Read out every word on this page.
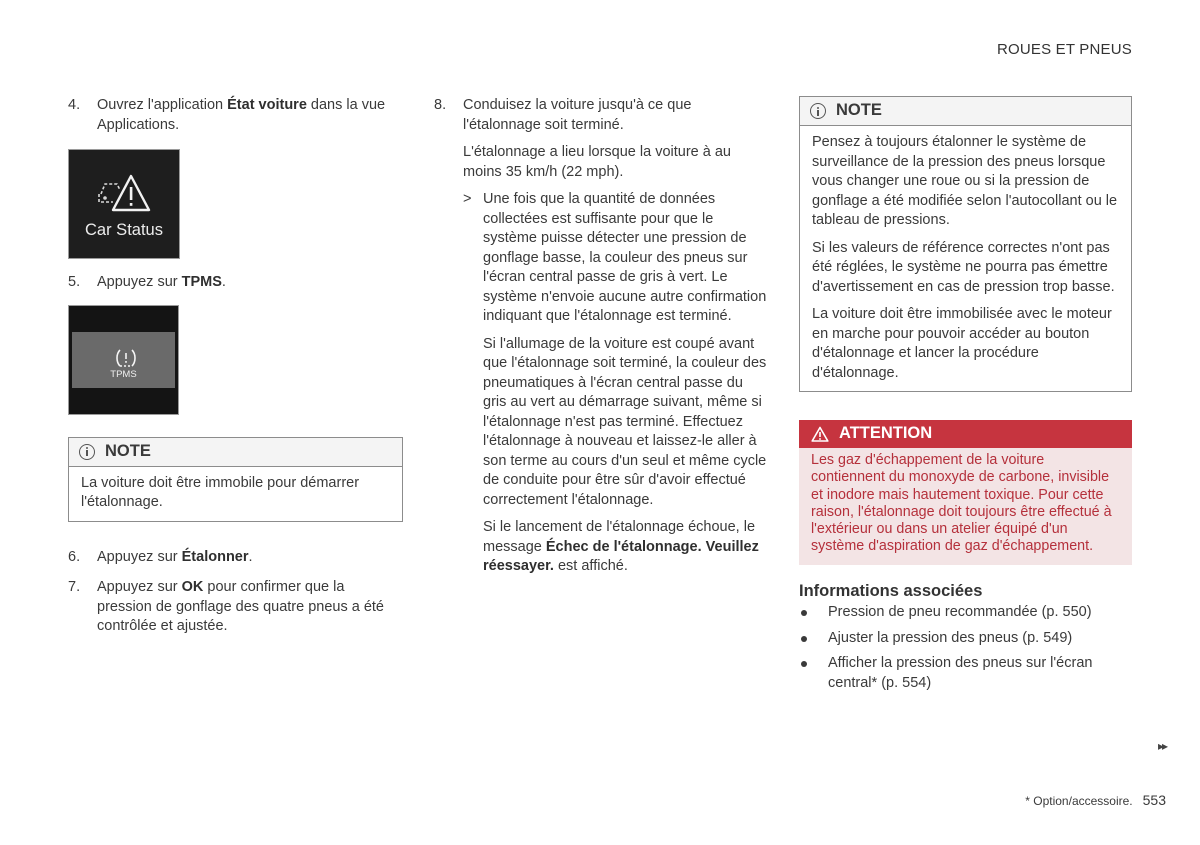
ROUES ET PNEUS
4. Ouvrez l'application État voiture dans la vue Applications.
Car Status
5. Appuyez sur TPMS.
TPMS
NOTE

La voiture doit être immobile pour démarrer l'étalonnage.

6. Appuyez sur Étalonner.
7. Appuyez sur OK pour confirmer que la pression de gonflage des quatre pneus a été contrôlée et ajustée.
8. Conduisez la voiture jusqu'à ce que l'étalonnage soit terminé.

L'étalonnage a lieu lorsque la voiture à au moins 35 km/h (22 mph).

> Une fois que la quantité de données collectées est suffisante pour que le système puisse détecter une pression de gonflage basse, la couleur des pneus sur l'écran central passe de gris à vert. Le système n'envoie aucune autre confirmation indiquant que l'étalonnage est terminé.

Si l'allumage de la voiture est coupé avant que l'étalonnage soit terminé, la couleur des pneumatiques à l'écran central passe du gris au vert au démarrage suivant, même si l'étalonnage n'est pas terminé. Effectuez l'étalonnage à nouveau et laissez-le aller à son terme au cours d'un seul et même cycle de conduite pour être sûr d'avoir effectué correctement l'étalonnage.

Si le lancement de l'étalonnage échoue, le message Échec de l'étalonnage. Veuillez réessayer. est affiché.

NOTE

Pensez à toujours étalonner le système de surveillance de la pression des pneus lorsque vous changer une roue ou si la pression de gonflage a été modifiée selon l'autocollant ou le tableau de pressions.

Si les valeurs de référence correctes n'ont pas été réglées, le système ne pourra pas émettre d'avertissement en cas de pression trop basse.

La voiture doit être immobilisée avec le moteur en marche pour pouvoir accéder au bouton d'étalonnage et lancer la procédure d'étalonnage.

ATTENTION
Les gaz d'échappement de la voiture contiennent du monoxyde de carbone, invisible et inodore mais hautement toxique. Pour cette raison, l'étalonnage doit toujours être effectué à l'extérieur ou dans un atelier équipé d'un système d'aspiration de gaz d'échappement.
Informations associées
Pression de pneu recommandée (p. 550)
Ajuster la pression des pneus (p. 549)
Afficher la pression des pneus sur l'écran central* (p. 554)
▸▸
* Option/accessoire. 553
